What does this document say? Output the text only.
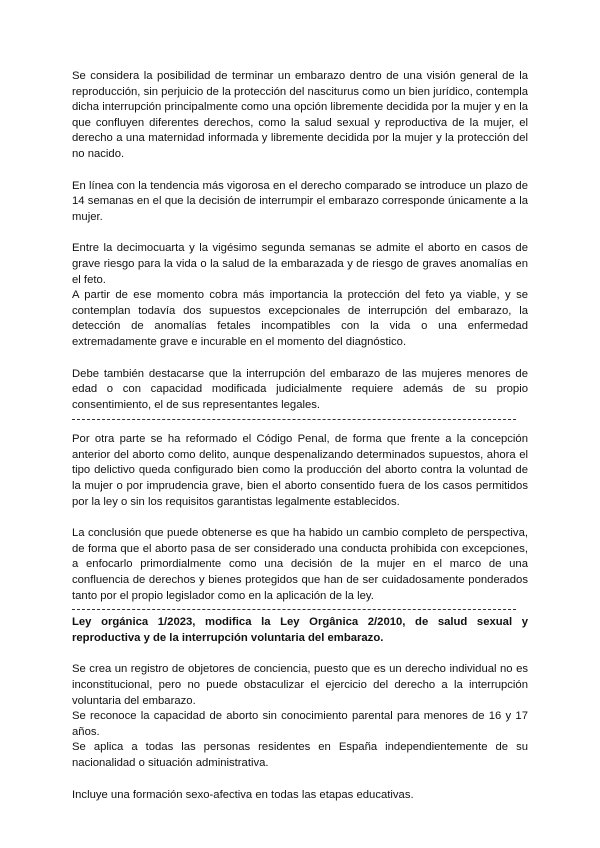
Se considera la posibilidad de terminar un embarazo dentro de una visión general de la reproducción, sin perjuicio de la protección del nasciturus como un bien jurídico, contempla dicha interrupción principalmente como una opción libremente decidida por la mujer y en la que confluyen diferentes derechos, como la salud sexual y reproductiva de la mujer, el derecho a una maternidad informada y libremente decidida por la mujer y la protección del no nacido.

En línea con la tendencia más vigorosa en el derecho comparado se introduce un plazo de 14 semanas en el que la decisión de interrumpir el embarazo corresponde únicamente a la mujer.

Entre la decimocuarta y la vigésimo segunda semanas se admite el aborto en casos de grave riesgo para la vida o la salud de la embarazada y de riesgo de graves anomalías en el feto.

A partir de ese momento cobra más importancia la protección del feto ya viable, y se contemplan todavía dos supuestos excepcionales de interrupción del embarazo, la detección de anomalías fetales incompatibles con la vida o una enfermedad extremadamente grave e incurable en el momento del diagnóstico.

Debe también destacarse que la interrupción del embarazo de las mujeres menores de edad o con capacidad modificada judicialmente requiere además de su propio consentimiento, el de sus representantes legales.

Por otra parte se ha reformado el Código Penal, de forma que frente a la concepción anterior del aborto como delito, aunque despenalizando determinados supuestos, ahora el tipo delictivo queda configurado bien como la producción del aborto contra la voluntad de la mujer o por imprudencia grave, bien el aborto consentido fuera de los casos permitidos por la ley o sin los requisitos garantistas legalmente establecidos.

La conclusión que puede obtenerse es que ha habido un cambio completo de perspectiva, de forma que el aborto pasa de ser considerado una conducta prohibida con excepciones, a enfocarlo primordialmente como una decisión de la mujer en el marco de una confluencia de derechos y bienes protegidos que han de ser cuidadosamente ponderados tanto por el propio legislador como en la aplicación de la ley.

Ley orgánica 1/2023, modifica la Ley Orgânica 2/2010, de salud sexual y reproductiva y de la interrupción voluntaria del embarazo.

Se crea un registro de objetores de conciencia, puesto que es un derecho individual no es inconstitucional, pero no puede obstaculizar el ejercicio del derecho a la interrupción voluntaria del embarazo.

Se reconoce la capacidad de aborto sin conocimiento parental para menores de 16 y 17 años.

Se aplica a todas las personas residentes en España independientemente de su nacionalidad o situación administrativa.

Incluye una formación sexo-afectiva en todas las etapas educativas.
